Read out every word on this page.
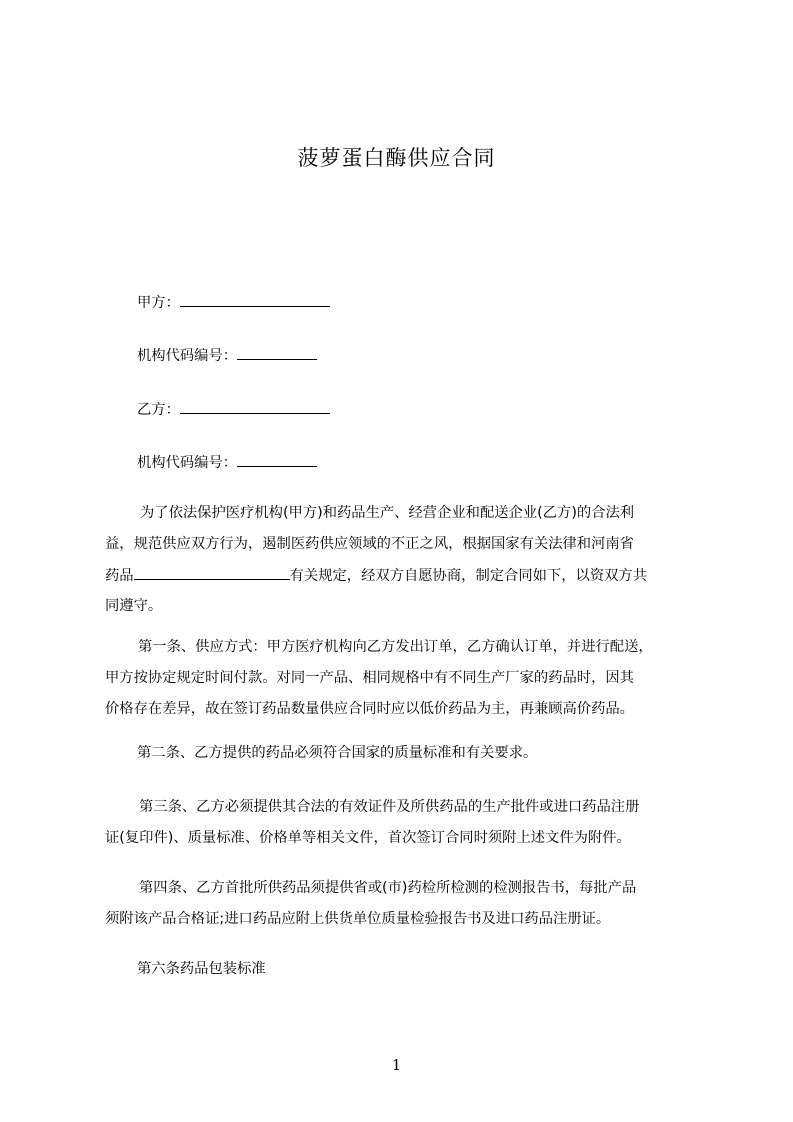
菠萝蛋白酶供应合同
甲方：
机构代码编号：
乙方：
机构代码编号：
为了依法保护医疗机构(甲方)和药品生产、经营企业和配送企业(乙方)的合法利
益，规范供应双方行为，遏制医药供应领域的不正之风，根据国家有关法律和河南省
药品	有关规定，经双方自愿协商，制定合同如下，以资双方共
同遵守。
第一条、供应方式：甲方医疗机构向乙方发出订单，乙方确认订单，并进行配送，
甲方按协定规定时间付款。对同一产品、相同规格中有不同生产厂家的药品时，因其
价格存在差异，故在签订药品数量供应合同时应以低价药品为主，再兼顾高价药品。
第二条、乙方提供的药品必须符合国家的质量标准和有关要求。
第三条、乙方必须提供其合法的有效证件及所供药品的生产批件或进口药品注册
证(复印件)、质量标准、价格单等相关文件，首次签订合同时须附上述文件为附件。
第四条、乙方首批所供药品须提供省或(市)药检所检测的检测报告书，每批产品
须附该产品合格证;进口药品应附上供货单位质量检验报告书及进口药品注册证。
第六条药品包装标准
1
